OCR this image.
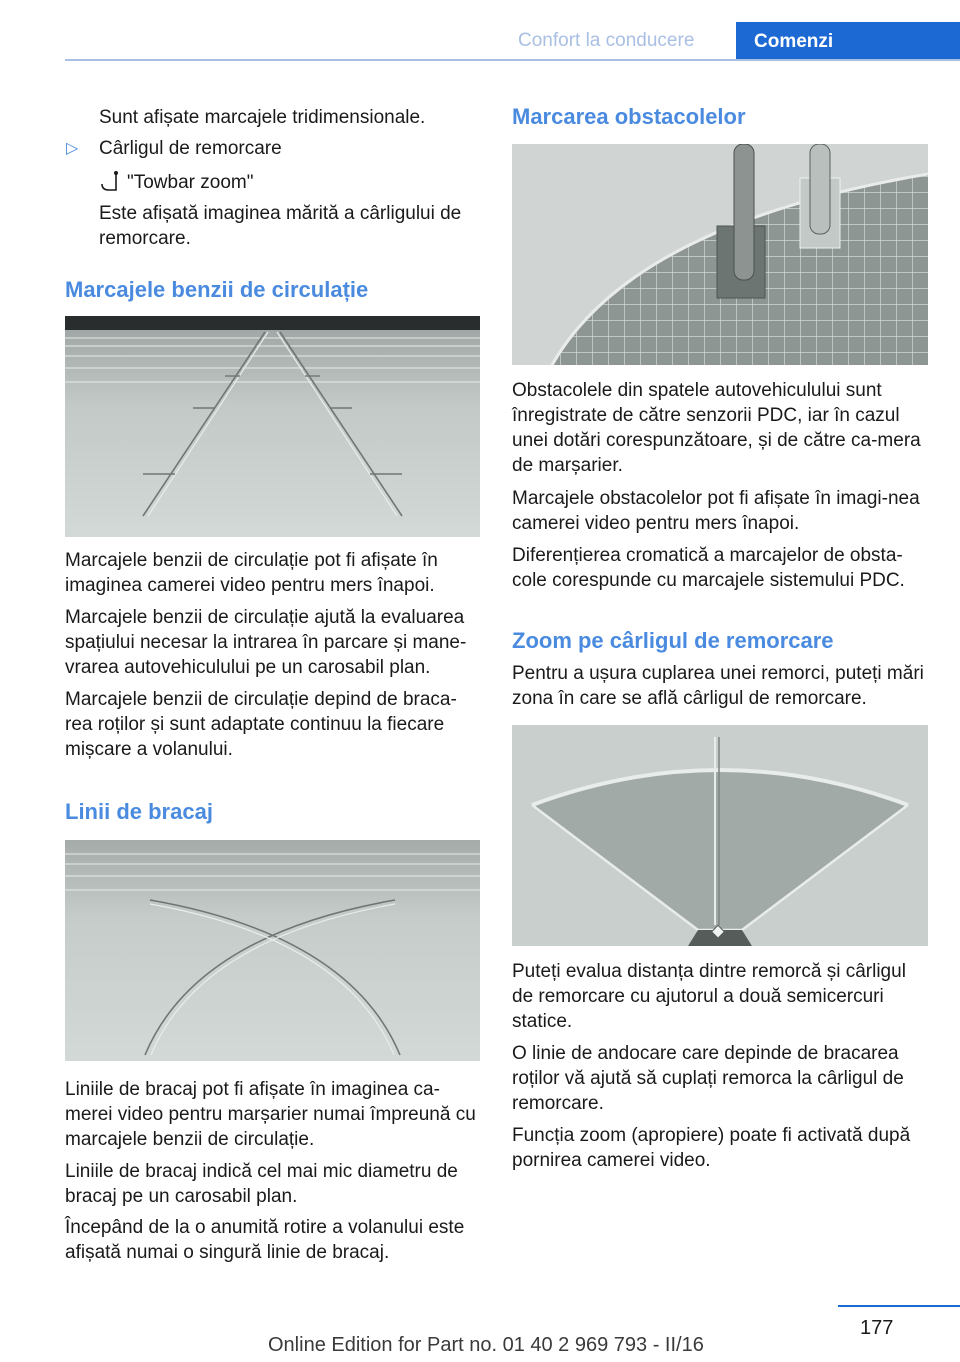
Confort la conducere	Comenzi

Sunt afișate marcajele tridimensionale.

▷ Cârligul de remorcare

"Towbar zoom"

Este afișată imaginea mărită a cârligului de remorcare.

Marcajele benzii de circulație

Marcajele benzii de circulație pot fi afișate în imaginea camerei video pentru mers înapoi.

Marcajele benzii de circulație ajută la evaluarea spațiului necesar la intrarea în parcare și mane-vrarea autovehiculului pe un carosabil plan.

Marcajele benzii de circulație depind de braca-rea roților și sunt adaptate continuu la fiecare mișcare a volanului.

Linii de bracaj

Liniile de bracaj pot fi afișate în imaginea ca-merei video pentru marșarier numai împreună cu marcajele benzii de circulație.

Liniile de bracaj indică cel mai mic diametru de bracaj pe un carosabil plan.

Începând de la o anumită rotire a volanului este afișată numai o singură linie de bracaj.

Marcarea obstacolelor

Obstacolele din spatele autovehiculului sunt înregistrate de către senzorii PDC, iar în cazul unei dotări corespunzătoare, și de către ca-mera de marșarier.

Marcajele obstacolelor pot fi afișate în imagi-nea camerei video pentru mers înapoi.

Diferențierea cromatică a marcajelor de obsta-cole corespunde cu marcajele sistemului PDC.

Zoom pe cârligul de remorcare

Pentru a ușura cuplarea unei remorci, puteți mări zona în care se află cârligul de remorcare.

Puteți evalua distanța dintre remorcă și cârligul de remorcare cu ajutorul a două semicercuri statice.

O linie de andocare care depinde de bracarea roților vă ajută să cuplați remorca la cârligul de remorcare.

Funcția zoom (apropiere) poate fi activată după pornirea camerei video.

177
Online Edition for Part no. 01 40 2 969 793 - II/16
